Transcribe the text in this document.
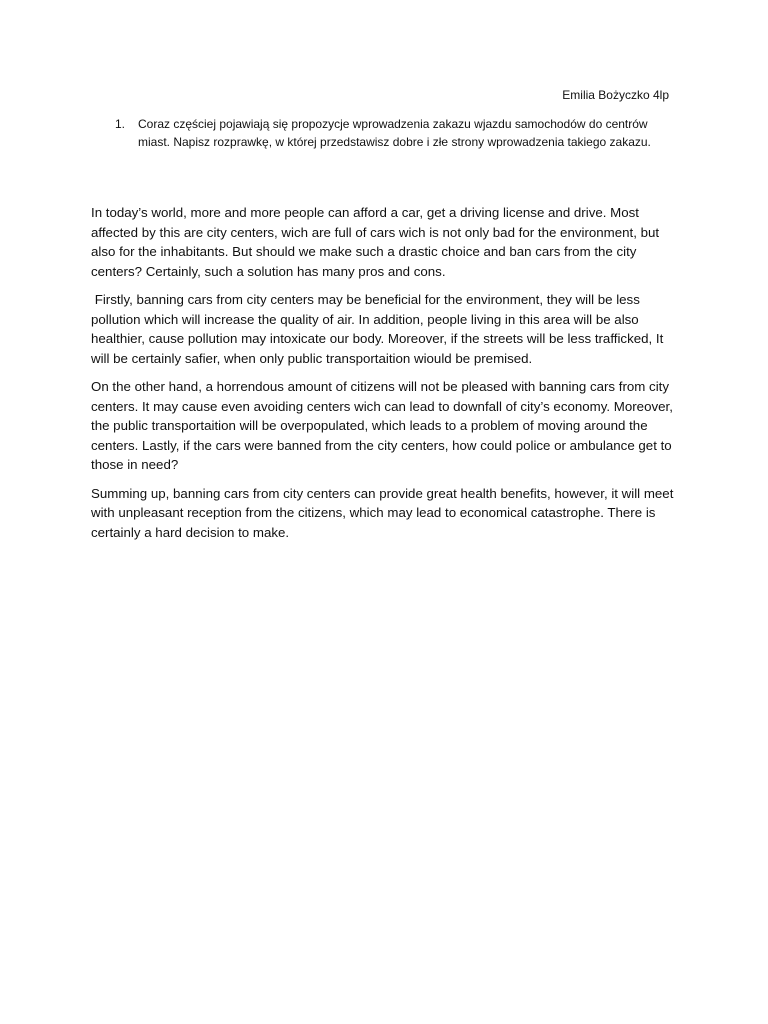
Emilia Bożyczko 4lp
1. Coraz częściej pojawiają się propozycje wprowadzenia zakazu wjazdu samochodów do centrów miast. Napisz rozprawkę, w której przedstawisz dobre i złe strony wprowadzenia takiego zakazu.

In today’s world, more and more people can afford a car, get a driving license and drive. Most affected by this are city centers, wich are full of cars wich is not only bad for the environment, but also for the inhabitants. But should we make such a drastic choice and ban cars from the city centers? Certainly, such a solution has many pros and cons.

Firstly, banning cars from city centers may be beneficial for the environment, they will be less pollution which will increase the quality of air. In addition, people living in this area will be also healthier, cause pollution may intoxicate our body. Moreover, if the streets will be less trafficked, It will be certainly safier, when only public transportaition wiould be premised.

On the other hand, a horrendous amount of citizens will not be pleased with banning cars from city centers. It may cause even avoiding centers wich can lead to downfall of city’s economy. Moreover, the public transportaition will be overpopulated, which leads to a problem of moving around the centers. Lastly, if the cars were banned from the city centers, how could police or ambulance get to those in need?

Summing up, banning cars from city centers can provide great health benefits, however, it will meet with unpleasant reception from the citizens, which may lead to economical catastrophe. There is certainly a hard decision to make.
